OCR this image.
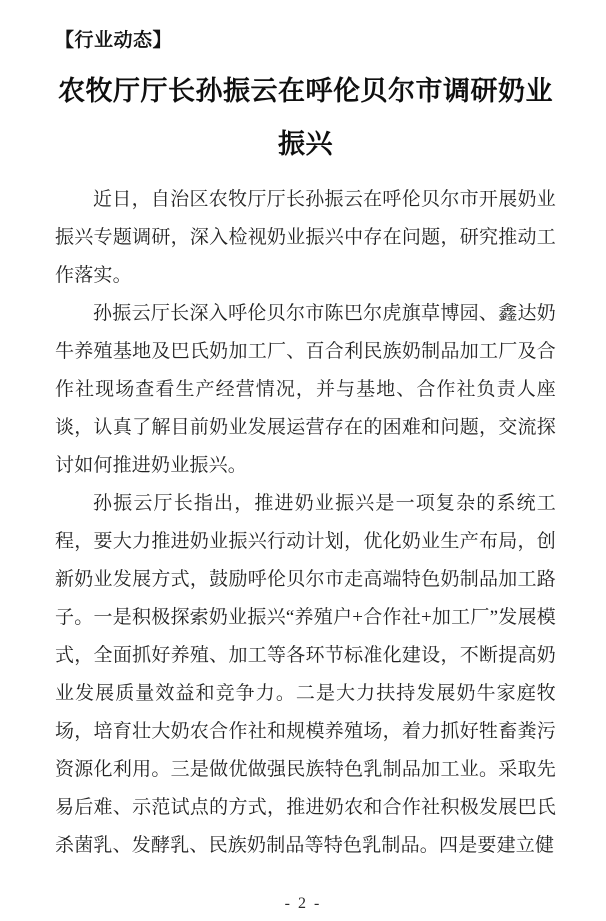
【行业动态】
农牧厅厅长孙振云在呼伦贝尔市调研奶业振兴

近日，自治区农牧厅厅长孙振云在呼伦贝尔市开展奶业振兴专题调研，深入检视奶业振兴中存在问题，研究推动工作落实。

孙振云厅长深入呼伦贝尔市陈巴尔虎旗草博园、鑫达奶牛养殖基地及巴氏奶加工厂、百合利民族奶制品加工厂及合作社现场查看生产经营情况，并与基地、合作社负责人座谈，认真了解目前奶业发展运营存在的困难和问题，交流探讨如何推进奶业振兴。

孙振云厅长指出，推进奶业振兴是一项复杂的系统工程，要大力推进奶业振兴行动计划，优化奶业生产布局，创新奶业发展方式，鼓励呼伦贝尔市走高端特色奶制品加工路子。一是积极探索奶业振兴“养殖户+合作社+加工厂”发展模式，全面抓好养殖、加工等各环节标准化建设，不断提高奶业发展质量效益和竞争力。二是大力扶持发展奶牛家庭牧场，培育壮大奶农合作社和规模养殖场，着力抓好牲畜粪污资源化利用。三是做优做强民族特色乳制品加工业。采取先易后难、示范试点的方式，推进奶农和合作社积极发展巴氏杀菌乳、发酵乳、民族奶制品等特色乳制品。四是要建立健

- 2 -
